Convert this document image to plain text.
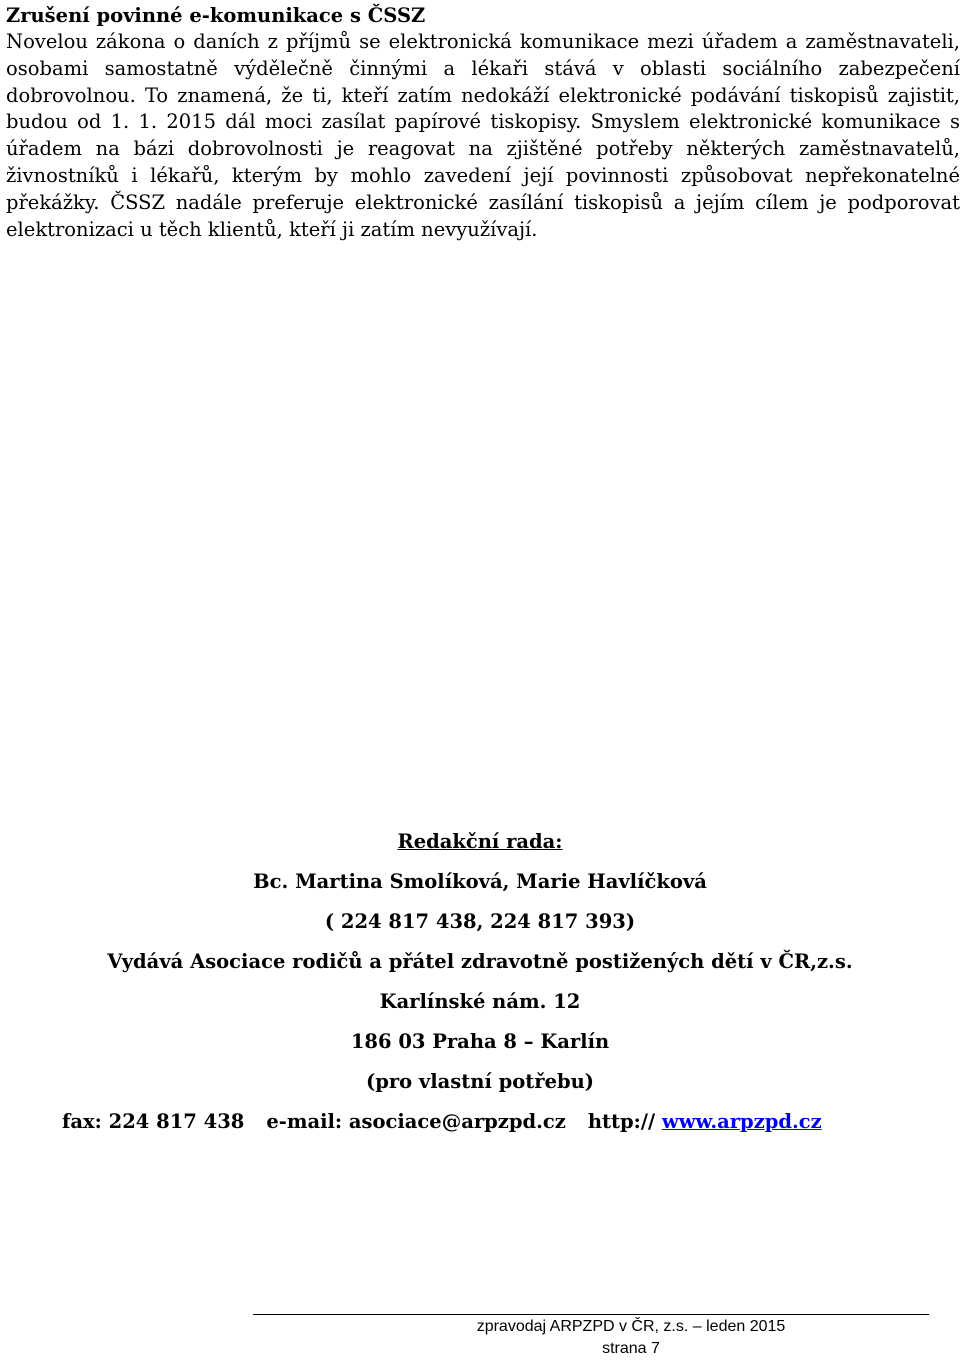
Zrušení povinné e-komunikace s ČSSZ

Novelou zákona o daních z příjmů se elektronická komunikace mezi úřadem a zaměstnavateli, osobami samostatně výdělečně činnými a lékaři stává v oblasti sociálního zabezpečení dobrovolnou. To znamená, že ti, kteří zatím nedokáží elektronické podávání tiskopisů zajistit, budou od 1. 1. 2015 dál moci zasílat papírové tiskopisy. Smyslem elektronické komunikace s úřadem na bázi dobrovolnosti je reagovat na zjištěné potřeby některých zaměstnavatelů, živnostníků i lékařů, kterým by mohlo zavedení její povinnosti způsobovat nepřekonatelné překážky. ČSSZ nadále preferuje elektronické zasílání tiskopisů a jejím cílem je podporovat elektronizaci u těch klientů, kteří ji zatím nevyužívají.

Redakční rada:
Bc. Martina Smolíková, Marie Havlíčková
( 224 817 438, 224 817 393)
Vydává Asociace rodičů a přátel zdravotně postižených dětí v ČR,z.s.
Karlínské nám. 12
186 03 Praha 8 – Karlín
(pro vlastní potřebu)
fax: 224 817 438 e-mail: asociace@arpzpd.cz http:// www.arpzpd.cz
zpravodaj ARPZPD v ČR, z.s. – leden 2015
strana 7
